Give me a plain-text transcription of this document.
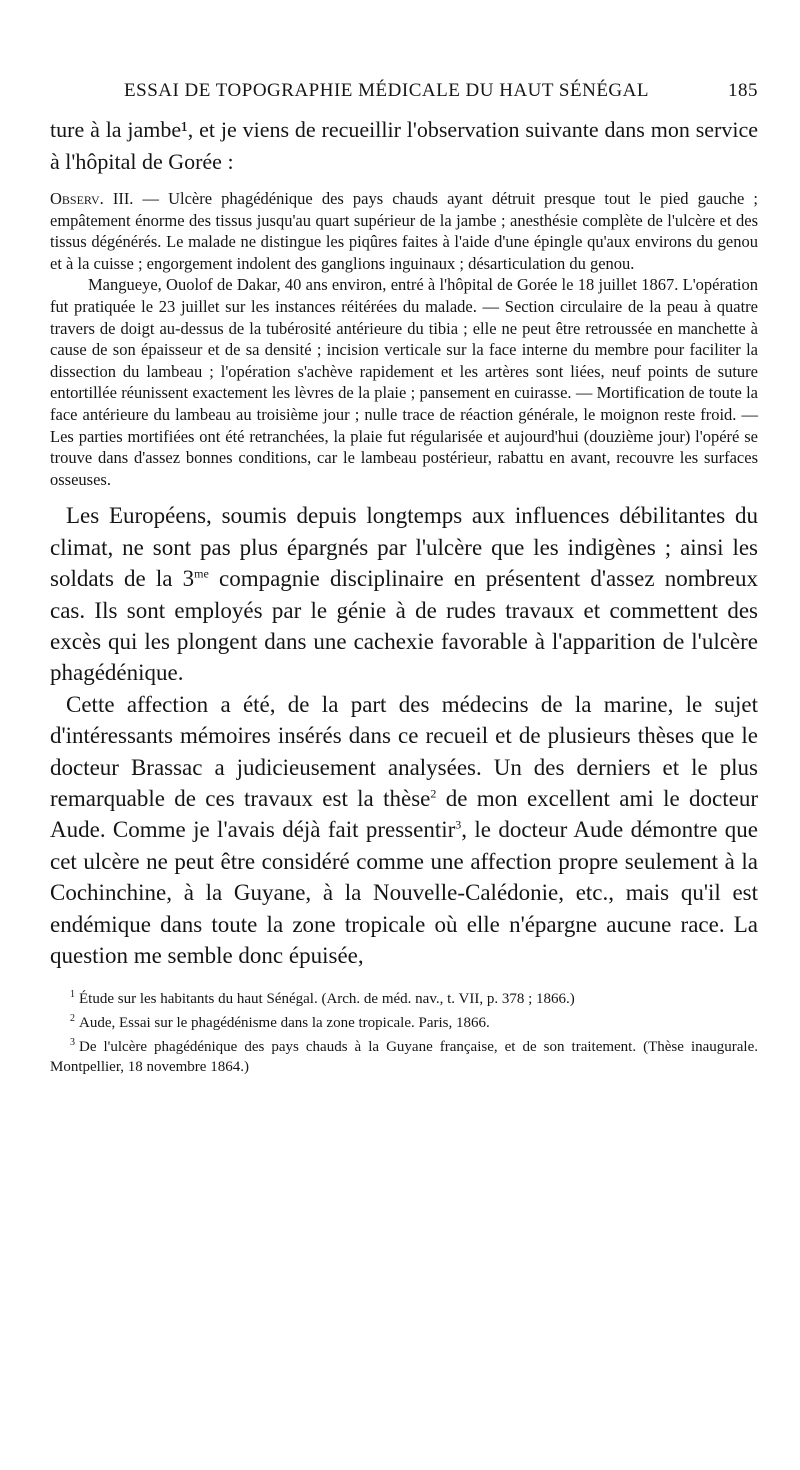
ESSAI DE TOPOGRAPHIE MÉDICALE DU HAUT SÉNÉGAL	185

ture à la jambe¹, et je viens de recueillir l'observation suivante dans mon service à l'hôpital de Gorée :

Observ. III. — Ulcère phagédénique des pays chauds ayant détruit presque tout le pied gauche ; empâtement énorme des tissus jusqu'au quart supérieur de la jambe ; anesthésie complète de l'ulcère et des tissus dégénérés. Le malade ne distingue les piqûres faites à l'aide d'une épingle qu'aux environs du genou et à la cuisse ; engorgement indolent des ganglions inguinaux ; désarticulation du genou.

Mangueye, Ouolof de Dakar, 40 ans environ, entré à l'hôpital de Gorée le 18 juillet 1867. L'opération fut pratiquée le 23 juillet sur les instances réitérées du malade. — Section circulaire de la peau à quatre travers de doigt au-dessus de la tubérosité antérieure du tibia ; elle ne peut être retroussée en manchette à cause de son épaisseur et de sa densité ; incision verticale sur la face interne du membre pour faciliter la dissection du lambeau ; l'opération s'achève rapidement et les artères sont liées, neuf points de suture entortillée réunissent exactement les lèvres de la plaie ; pansement en cuirasse. — Mortification de toute la face antérieure du lambeau au troisième jour ; nulle trace de réaction générale, le moignon reste froid. — Les parties mortifiées ont été retranchées, la plaie fut régularisée et aujourd'hui (douzième jour) l'opéré se trouve dans d'assez bonnes conditions, car le lambeau postérieur, rabattu en avant, recouvre les surfaces osseuses.

Les Européens, soumis depuis longtemps aux influences débilitantes du climat, ne sont pas plus épargnés par l'ulcère que les indigènes ; ainsi les soldats de la $3^{me}$ compagnie disciplinaire en présentent d'assez nombreux cas. Ils sont employés par le génie à de rudes travaux et commettent des excès qui les plongent dans une cachexie favorable à l'apparition de l'ulcère phagédénique.

Cette affection a été, de la part des médecins de la marine, le sujet d'intéressants mémoires insérés dans ce recueil et de plusieurs thèses que le docteur Brassac a judicieusement analysées. Un des derniers et le plus remarquable de ces travaux est la thèse$^2$ de mon excellent ami le docteur Aude. Comme je l'avais déjà fait pressentir$^3$, le docteur Aude démontre que cet ulcère ne peut être considéré comme une affection propre seulement à la Cochinchine, à la Guyane, à la Nouvelle-Calédonie, etc., mais qu'il est endémique dans toute la zone tropicale où elle n'épargne aucune race. La question me semble donc épuisée,

$^1$ Étude sur les habitants du haut Sénégal. (Arch. de méd. nav., t. VII, p. 378 ; 1866.)

$^2$ Aude, Essai sur le phagédénisme dans la zone tropicale. Paris, 1866.

$^3$ De l'ulcère phagédénique des pays chauds à la Guyane française, et de son traitement. (Thèse inaugurale. Montpellier, 18 novembre 1864.)
